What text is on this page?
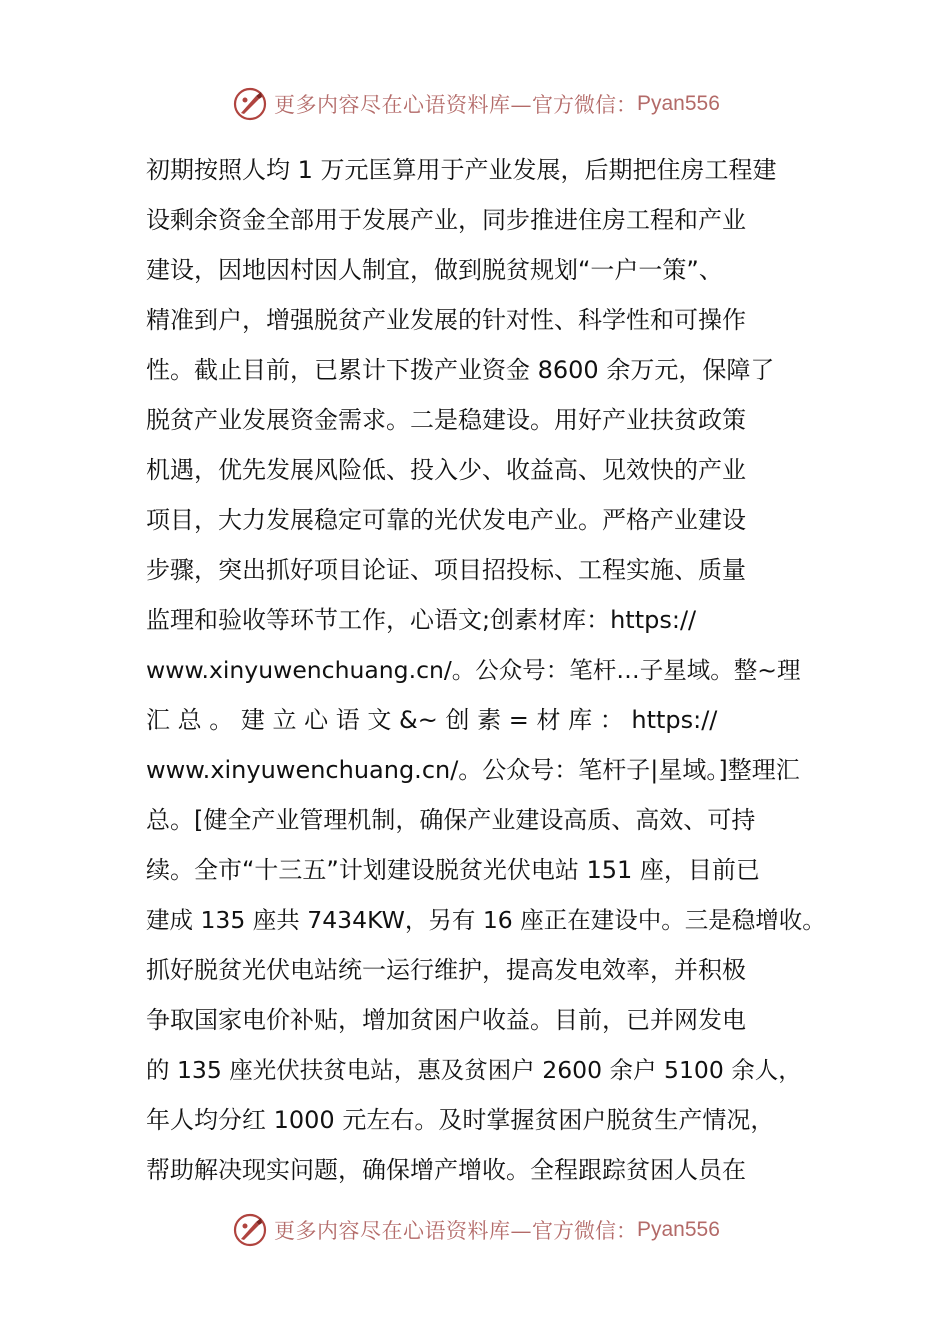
更多内容尽在心语资料库— 官方微信： Pyan556
初期按照人均 1 万元匡算用于产业发展，后期把住房工程建
设剩余资金全部用于发展产业，同步推进住房工程和产业
建设，因地因村因人制宜，做到脱贫规划“一户一策”、
精准到户，增强脱贫产业发展的针对性、科学性和可操作
性。截止目前，已累计下拨产业资金 8600 余万元，保障了
脱贫产业发展资金需求。二是稳建设。用好产业扶贫政策
机遇，优先发展风险低、投入少、收益高、见效快的产业
项目，大力发展稳定可靠的光伏发电产业。严格产业建设
步骤，突出抓好项目论证、项目招投标、工程实施、质量
监理和验收等环节工作，心语文;创素材库：https://
www.xinyuwenchuang.cn/。公众号：笔杆…子星域。整~理
汇 总 。 建 立 心 语 文 &~ 创 素 = 材 库 ： https://
www.xinyuwenchuang.cn/。公众号：笔杆子|星域。]整理汇
总。[健全产业管理机制，确保产业建设高质、高效、可持
续。全市“十三五”计划建设脱贫光伏电站 151 座，目前已
建成 135 座共 7434KW，另有 16 座正在建设中。三是稳增收。
抓好脱贫光伏电站统一运行维护，提高发电效率，并积极
争取国家电价补贴，增加贫困户收益。目前，已并网发电
的 135 座光伏扶贫电站，惠及贫困户 2600 余户 5100 余人，
年人均分红 1000 元左右。及时掌握贫困户脱贫生产情况，
帮助解决现实问题，确保增产增收。全程跟踪贫困人员在
更多内容尽在心语资料库— 官方微信： Pyan556
